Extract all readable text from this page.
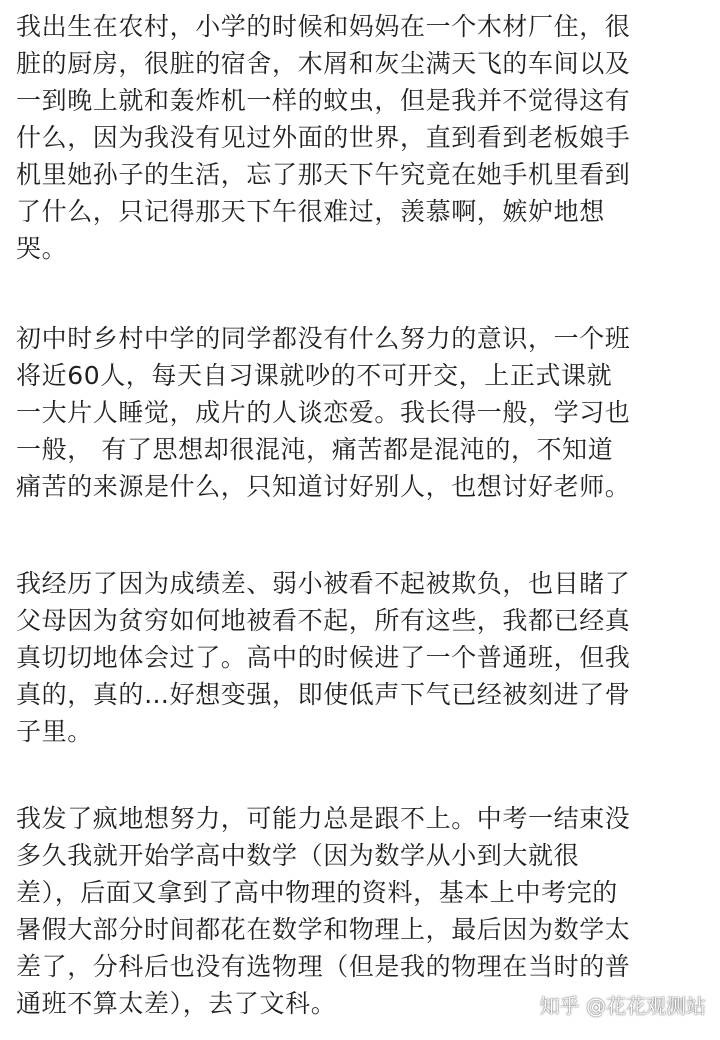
我出生在农村，小学的时候和妈妈在一个木材厂住，很
脏的厨房，很脏的宿舍，木屑和灰尘满天飞的车间以及
一到晚上就和轰炸机一样的蚊虫，但是我并不觉得这有
什么，因为我没有见过外面的世界，直到看到老板娘手
机里她孙子的生活，忘了那天下午究竟在她手机里看到
了什么，只记得那天下午很难过，羡慕啊，嫉妒地想
哭。
初中时乡村中学的同学都没有什么努力的意识，一个班
将近60人，每天自习课就吵的不可开交，上正式课就
一大片人睡觉，成片的人谈恋爱。我长得一般，学习也
一般， 有了思想却很混沌，痛苦都是混沌的，不知道
痛苦的来源是什么，只知道讨好别人，也想讨好老师。
我经历了因为成绩差、弱小被看不起被欺负，也目睹了
父母因为贫穷如何地被看不起，所有这些，我都已经真
真切切地体会过了。高中的时候进了一个普通班，但我
真的，真的…好想变强，即使低声下气已经被刻进了骨
子里。
我发了疯地想努力，可能力总是跟不上。中考一结束没
多久我就开始学高中数学（因为数学从小到大就很
差），后面又拿到了高中物理的资料，基本上中考完的
暑假大部分时间都花在数学和物理上，最后因为数学太
差了，分科后也没有选物理（但是我的物理在当时的普
通班不算太差），去了文科。	知乎 @花花观测站
